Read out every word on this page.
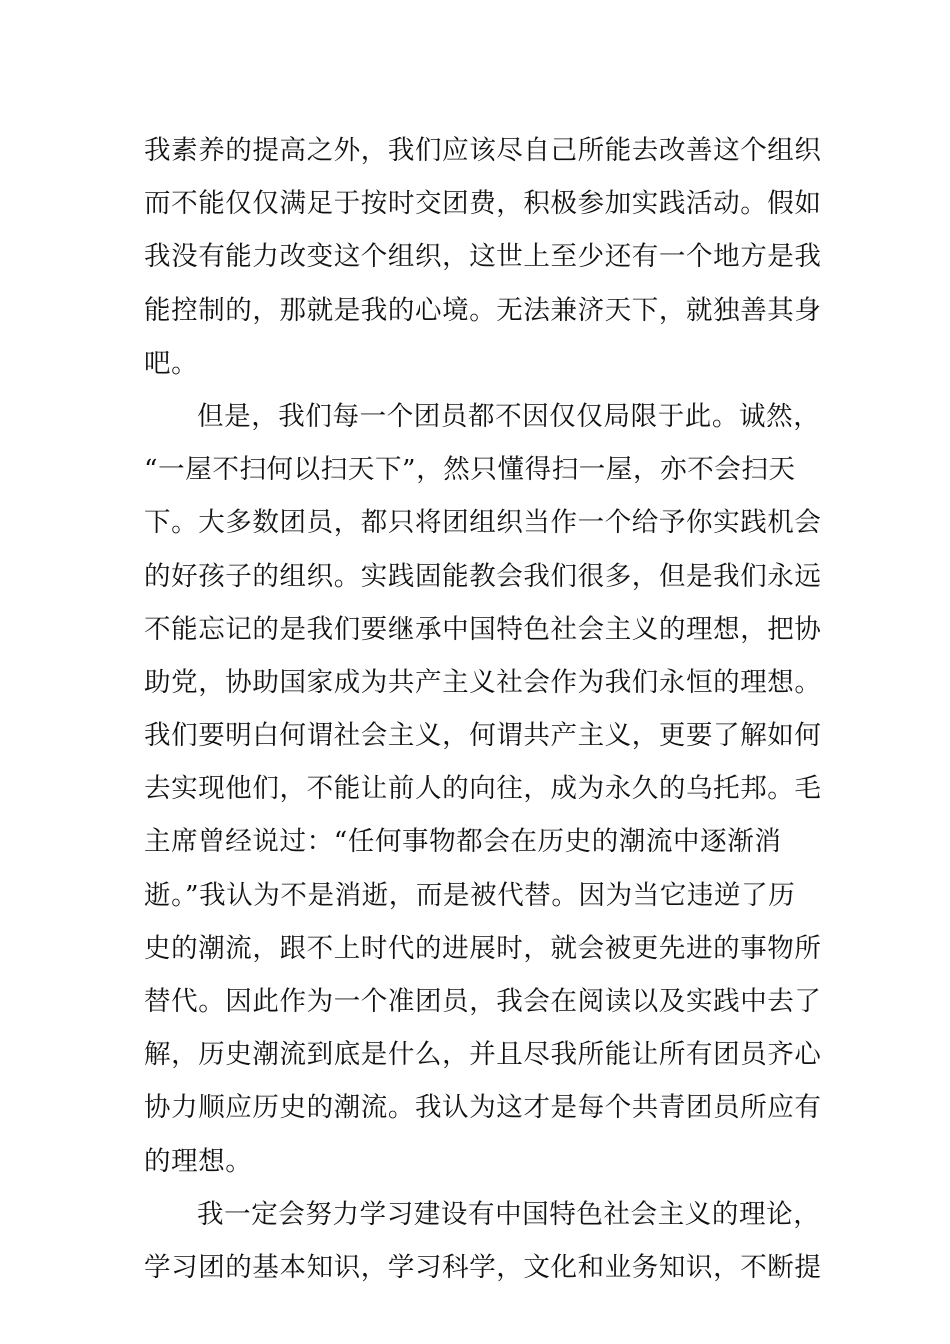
我素养的提高之外，我们应该尽自己所能去改善这个组织
而不能仅仅满足于按时交团费，积极参加实践活动。假如
我没有能力改变这个组织，这世上至少还有一个地方是我
能控制的，那就是我的心境。无法兼济天下，就独善其身
吧。
但是，我们每一个团员都不因仅仅局限于此。诚然，
“一屋不扫何以扫天下”，然只懂得扫一屋，亦不会扫天
下。大多数团员，都只将团组织当作一个给予你实践机会
的好孩子的组织。实践固能教会我们很多，但是我们永远
不能忘记的是我们要继承中国特色社会主义的理想，把协
助党，协助国家成为共产主义社会作为我们永恒的理想。
我们要明白何谓社会主义，何谓共产主义，更要了解如何
去实现他们，不能让前人的向往，成为永久的乌托邦。毛
主席曾经说过：“任何事物都会在历史的潮流中逐渐消
逝。”我认为不是消逝，而是被代替。因为当它违逆了历
史的潮流，跟不上时代的进展时，就会被更先进的事物所
替代。因此作为一个准团员，我会在阅读以及实践中去了
解，历史潮流到底是什么，并且尽我所能让所有团员齐心
协力顺应历史的潮流。我认为这才是每个共青团员所应有
的理想。
我一定会努力学习建设有中国特色社会主义的理论，
学习团的基本知识，学习科学，文化和业务知识，不断提
